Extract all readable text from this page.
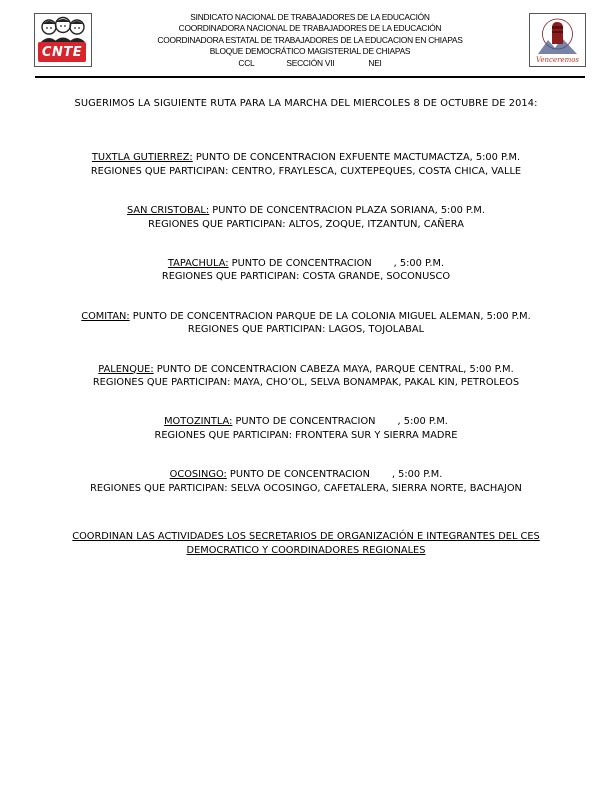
CNTE
SINDICATO NACIONAL DE TRABAJADORES DE LA EDUCACIÓN
COORDINADORA NACIONAL DE TRABAJADORES DE LA EDUCACIÓN
COORDINADORA ESTATAL DE TRABAJADORES DE LA EDUCACION EN CHIAPAS
BLOQUE DEMOCRÁTICO MAGISTERIAL DE CHIAPAS
CCL	SECCIÓN VII	NEI	Venceremos
SUGERIMOS LA SIGUIENTE RUTA PARA LA MARCHA DEL MIERCOLES 8 DE OCTUBRE DE 2014:
TUXTLA GUTIERREZ: PUNTO DE CONCENTRACION EXFUENTE MACTUMACTZA, 5:00 P.M.
REGIONES QUE PARTICIPAN: CENTRO, FRAYLESCA, CUXTEPEQUES, COSTA CHICA, VALLE
SAN CRISTOBAL: PUNTO DE CONCENTRACION PLAZA SORIANA, 5:00 P.M.
REGIONES QUE PARTICIPAN: ALTOS, ZOQUE, ITZANTUN, CAÑERA
TAPACHULA: PUNTO DE CONCENTRACION , 5:00 P.M.
REGIONES QUE PARTICIPAN: COSTA GRANDE, SOCONUSCO
COMITAN: PUNTO DE CONCENTRACION PARQUE DE LA COLONIA MIGUEL ALEMAN, 5:00 P.M.
REGIONES QUE PARTICIPAN: LAGOS, TOJOLABAL
PALENQUE: PUNTO DE CONCENTRACION CABEZA MAYA, PARQUE CENTRAL, 5:00 P.M.
REGIONES QUE PARTICIPAN: MAYA, CHO’OL, SELVA BONAMPAK, PAKAL KIN, PETROLEOS
MOTOZINTLA: PUNTO DE CONCENTRACION , 5:00 P.M.
REGIONES QUE PARTICIPAN: FRONTERA SUR Y SIERRA MADRE
OCOSINGO: PUNTO DE CONCENTRACION , 5:00 P.M.
REGIONES QUE PARTICIPAN: SELVA OCOSINGO, CAFETALERA, SIERRA NORTE, BACHAJON
COORDINAN LAS ACTIVIDADES LOS SECRETARIOS DE ORGANIZACIÓN E INTEGRANTES DEL CES
DEMOCRATICO Y COORDINADORES REGIONALES
